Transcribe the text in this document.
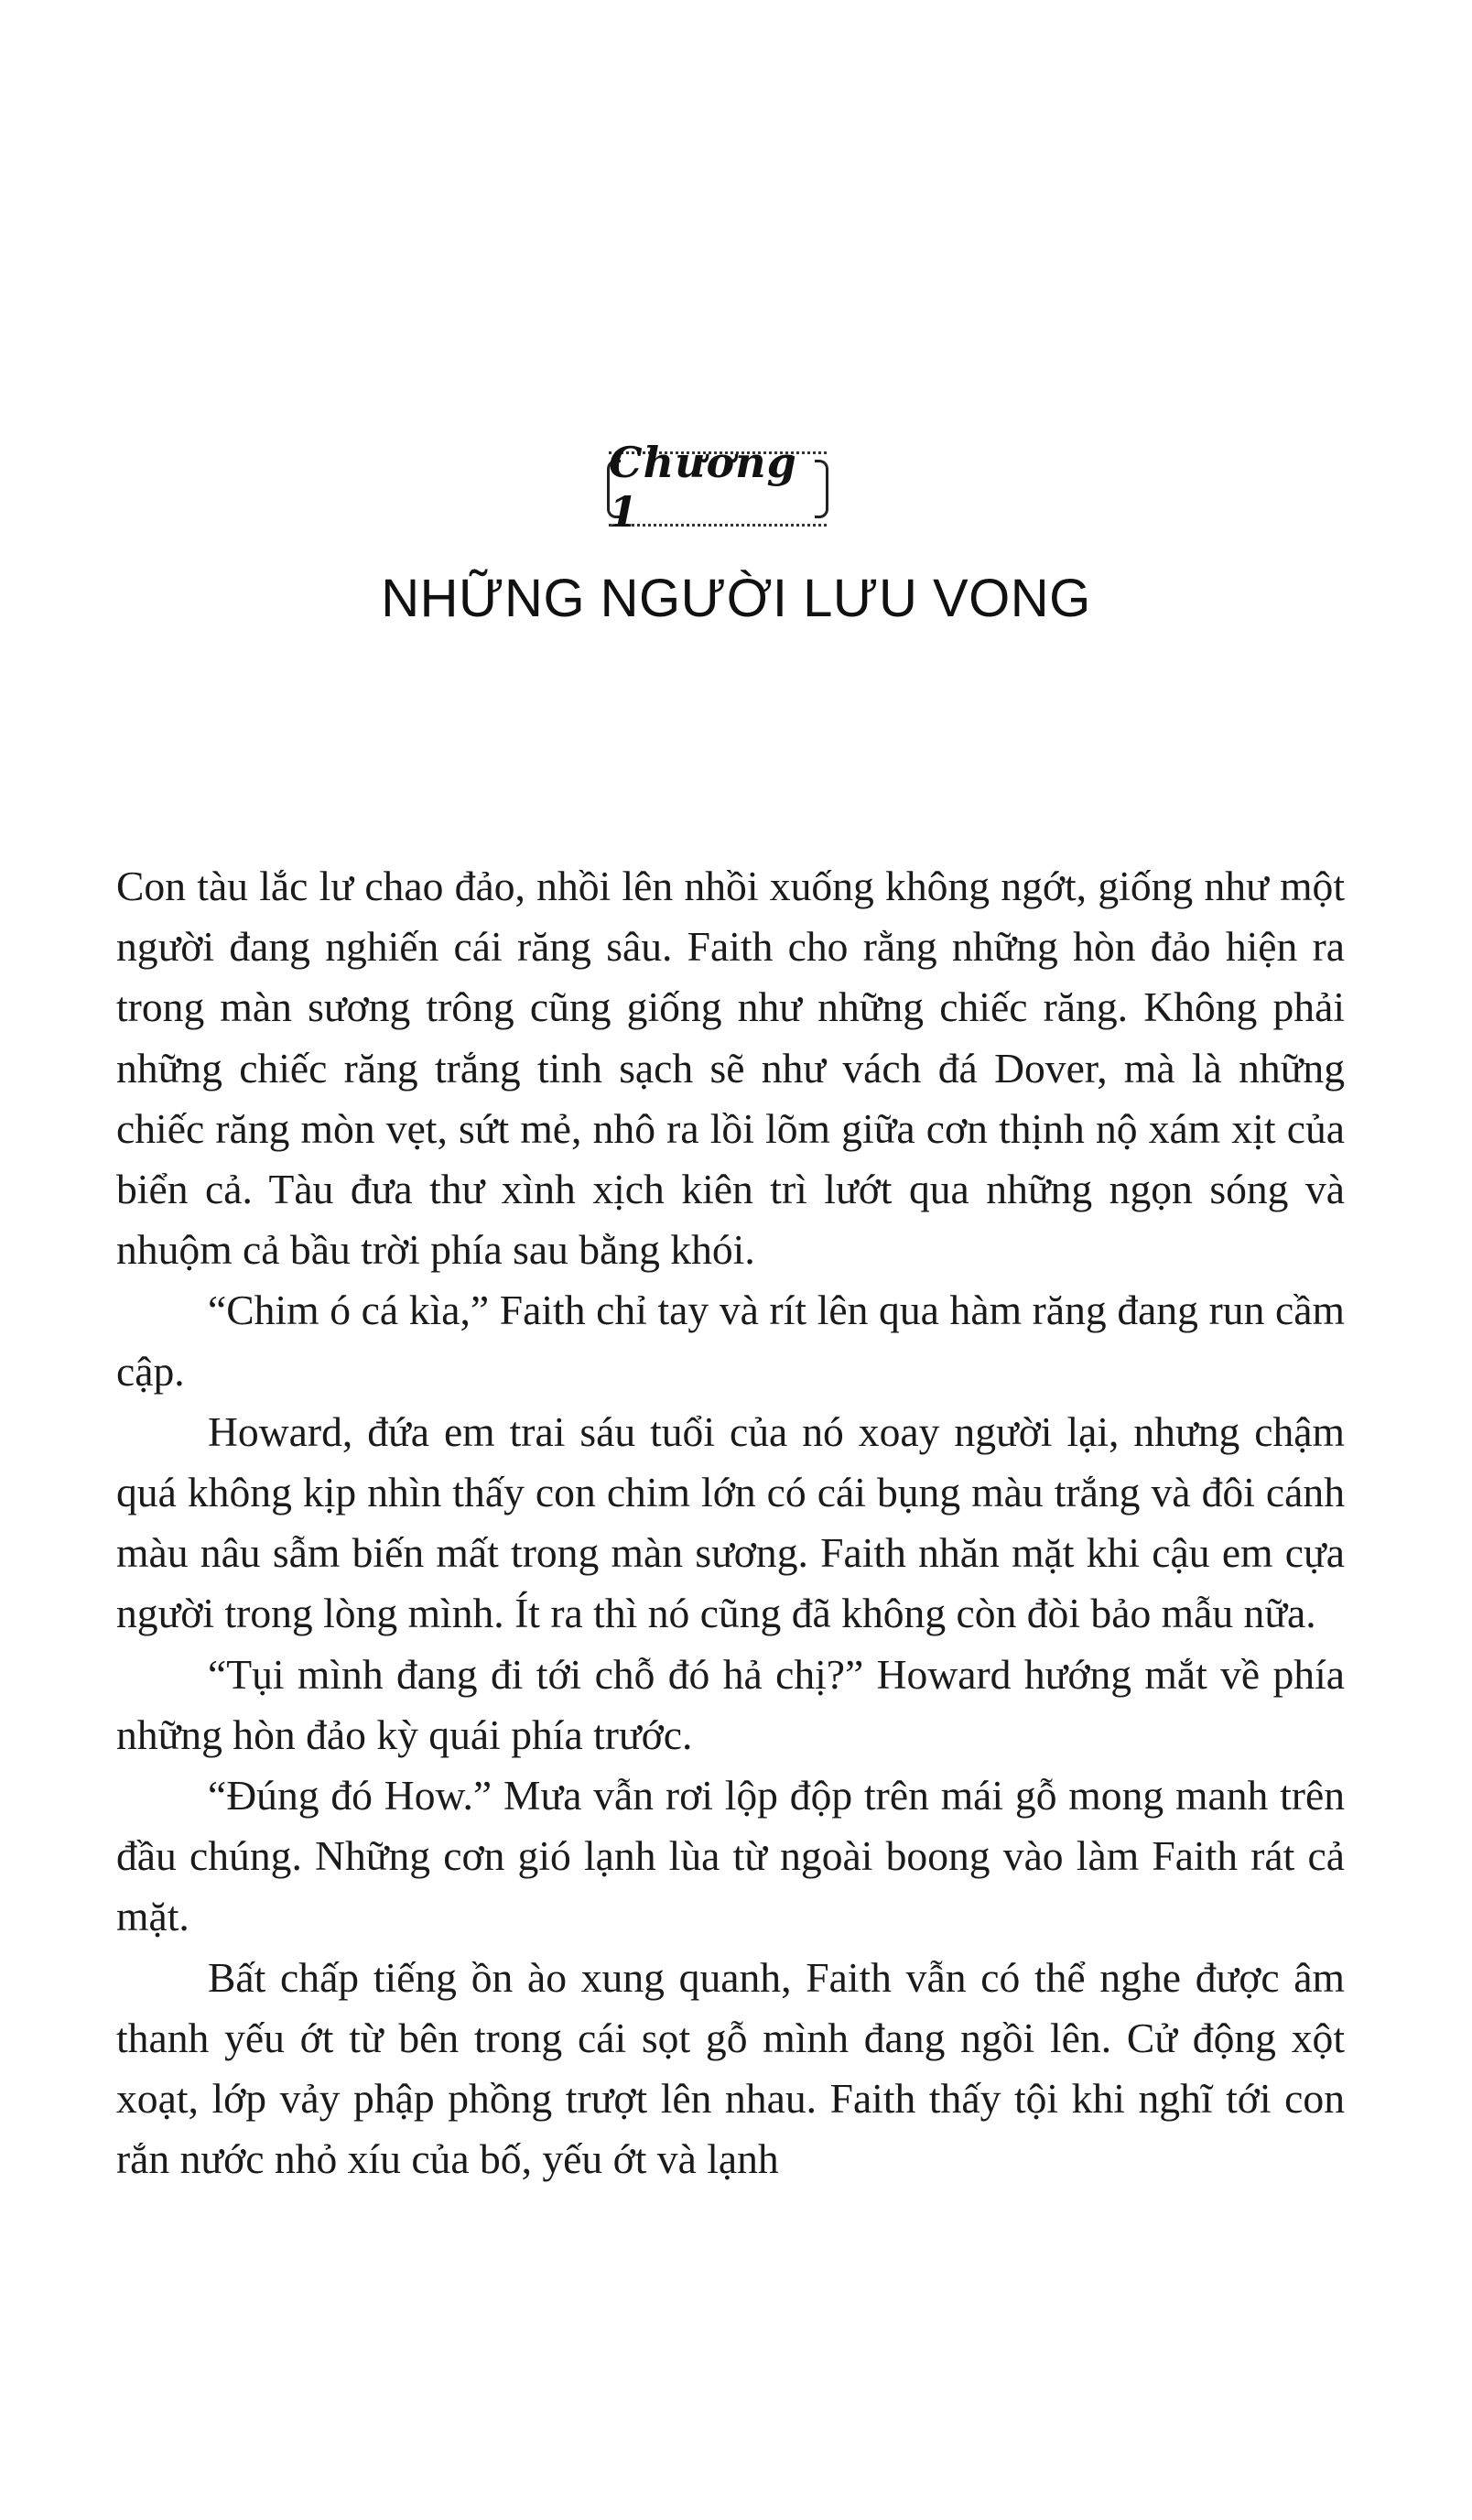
Chương 1
NHỮNG NGƯỜI LƯU VONG

Con tàu lắc lư chao đảo, nhồi lên nhồi xuống không ngớt, giống như một người đang nghiến cái răng sâu. Faith cho rằng những hòn đảo hiện ra trong màn sương trông cũng giống như những chiếc răng. Không phải những chiếc răng trắng tinh sạch sẽ như vách đá Dover, mà là những chiếc răng mòn vẹt, sứt mẻ, nhô ra lồi lõm giữa cơn thịnh nộ xám xịt của biển cả. Tàu đưa thư xình xịch kiên trì lướt qua những ngọn sóng và nhuộm cả bầu trời phía sau bằng khói.

“Chim ó cá kìa,” Faith chỉ tay và rít lên qua hàm răng đang run cầm cập.

Howard, đứa em trai sáu tuổi của nó xoay người lại, nhưng chậm quá không kịp nhìn thấy con chim lớn có cái bụng màu trắng và đôi cánh màu nâu sẫm biến mất trong màn sương. Faith nhăn mặt khi cậu em cựa người trong lòng mình. Ít ra thì nó cũng đã không còn đòi bảo mẫu nữa.

“Tụi mình đang đi tới chỗ đó hả chị?” Howard hướng mắt về phía những hòn đảo kỳ quái phía trước.

“Đúng đó How.” Mưa vẫn rơi lộp độp trên mái gỗ mong manh trên đầu chúng. Những cơn gió lạnh lùa từ ngoài boong vào làm Faith rát cả mặt.

Bất chấp tiếng ồn ào xung quanh, Faith vẫn có thể nghe được âm thanh yếu ớt từ bên trong cái sọt gỗ mình đang ngồi lên. Cử động xột xoạt, lớp vảy phập phồng trượt lên nhau. Faith thấy tội khi nghĩ tới con rắn nước nhỏ xíu của bố, yếu ớt và lạnh
